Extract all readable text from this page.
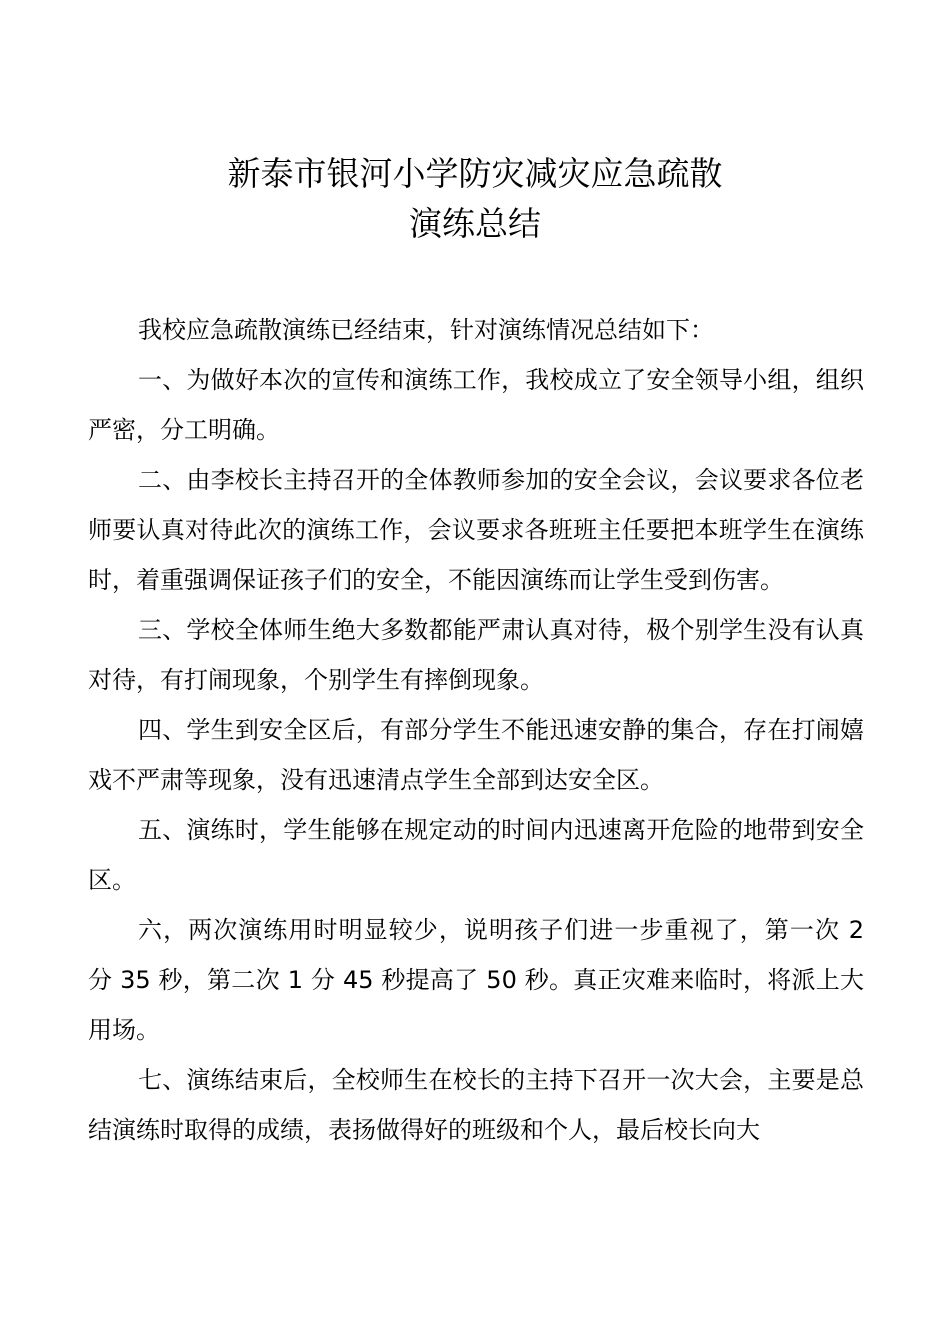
新泰市银河小学防灾减灾应急疏散
演练总结

我校应急疏散演练已经结束，针对演练情况总结如下：

一、为做好本次的宣传和演练工作，我校成立了安全领导小组，组织严密，分工明确。

二、由李校长主持召开的全体教师参加的安全会议，会议要求各位老师要认真对待此次的演练工作，会议要求各班班主任要把本班学生在演练时，着重强调保证孩子们的安全，不能因演练而让学生受到伤害。

三、学校全体师生绝大多数都能严肃认真对待，极个别学生没有认真对待，有打闹现象，个别学生有摔倒现象。

四、学生到安全区后，有部分学生不能迅速安静的集合，存在打闹嬉戏不严肃等现象，没有迅速清点学生全部到达安全区。

五、演练时，学生能够在规定动的时间内迅速离开危险的地带到安全区。

六，两次演练用时明显较少，说明孩子们进一步重视了，第一次 2 分 35 秒，第二次 1 分 45 秒提高了 50 秒。真正灾难来临时，将派上大用场。

七、演练结束后，全校师生在校长的主持下召开一次大会，主要是总结演练时取得的成绩，表扬做得好的班级和个人，最后校长向大
